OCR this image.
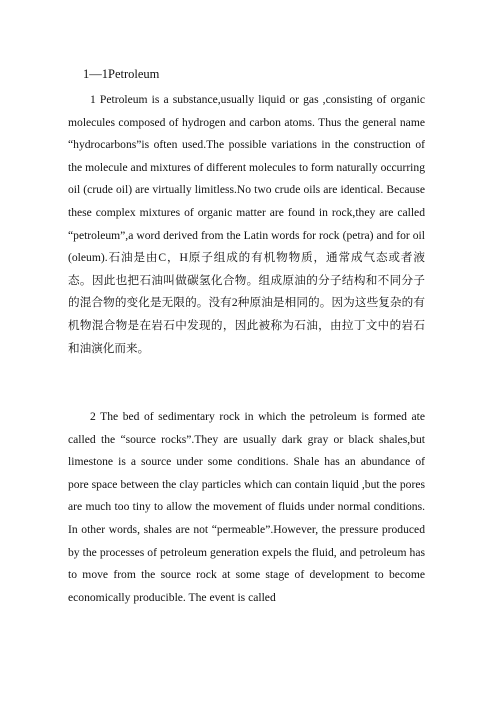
1—1Petroleum

1 Petroleum is a substance,usually liquid or gas ,consisting of organic molecules composed of hydrogen and carbon atoms. Thus the general name “hydrocarbons”is often used.The possible variations in the construction of the molecule and mixtures of different molecules to form naturally occurring oil (crude oil) are virtually limitless.No two crude oils are identical. Because these complex mixtures of organic matter are found in rock,they are called “petroleum”,a word derived from the Latin words for rock (petra) and for oil (oleum).石油是由C，H原子组成的有机物物质，通常成气态或者液态。因此也把石油叫做碳氢化合物。组成原油的分子结构和不同分子的混合物的变化是无限的。没有2种原油是相同的。因为这些复杂的有机物混合物是在岩石中发现的，因此被称为石油，由拉丁文中的岩石和油演化而来。

2 The bed of sedimentary rock in which the petroleum is formed ate called the “source rocks”.They are usually dark gray or black shales,but limestone is a source under some conditions. Shale has an abundance of pore space between the clay particles which can contain liquid ,but the pores are much too tiny to allow the movement of fluids under normal conditions. In other words, shales are not “permeable”.However, the pressure produced by the processes of petroleum generation expels the fluid, and petroleum has to move from the source rock at some stage of development to become economically producible. The event is called
